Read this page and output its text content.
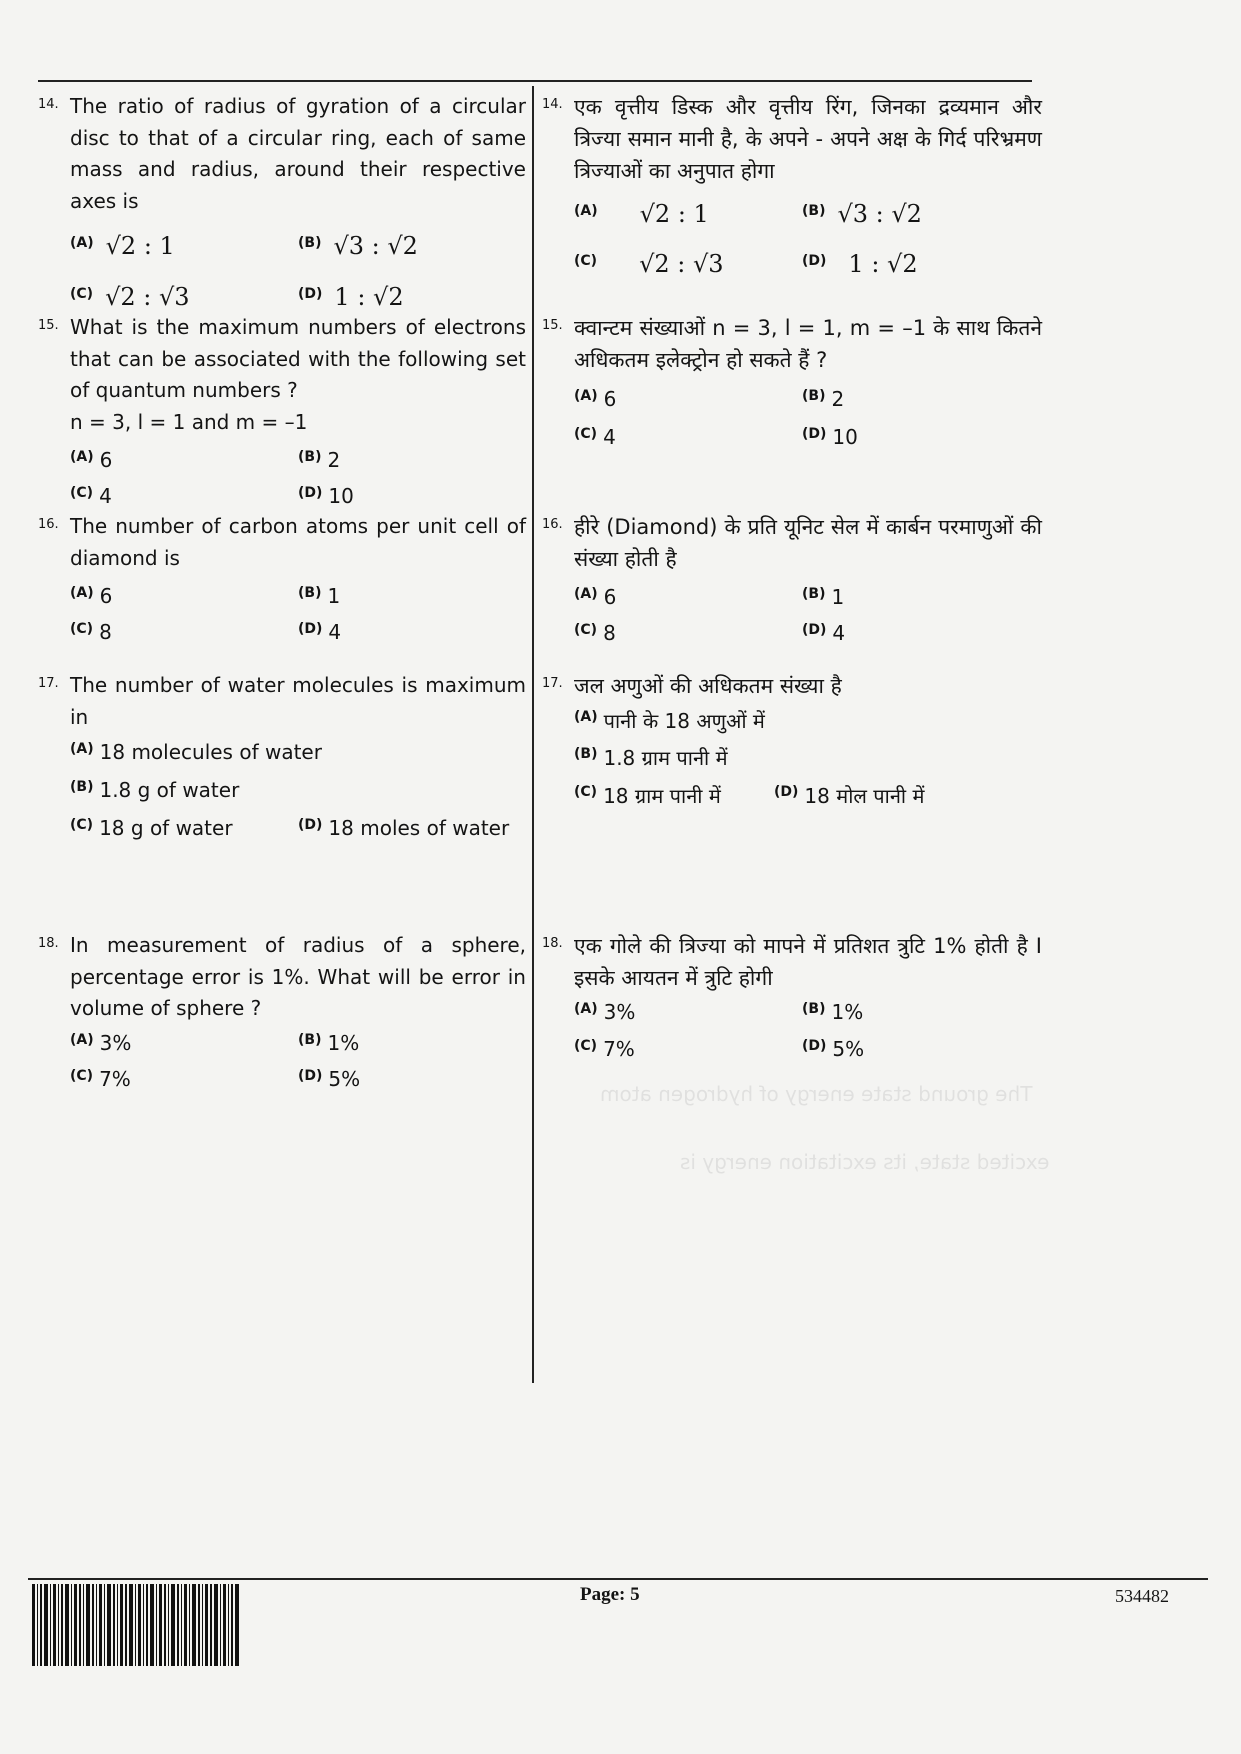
The ground state energy of hydrogen atom
excited state, its excitation energy is
14. The ratio of radius of gyration of a circular disc to that of a circular ring, each of same mass and radius, around their respective axes is
(A) √2 : 1	(B) √3 : √2
(C) √2 : √3	(D) 1 : √2
15. What is the maximum numbers of electrons that can be associated with the following set of quantum numbers ?
n = 3, l = 1 and m = –1
(A) 6	(B) 2
(C) 4	(D) 10
16. The number of carbon atoms per unit cell of diamond is
(A) 6	(B) 1
(C) 8	(D) 4
17. The number of water molecules is maximum in
(A) 18 molecules of water
(B) 1.8 g of water
(C) 18 g of water	(D) 18 moles of water
18. In measurement of radius of a sphere, percentage error is 1%. What will be error in volume of sphere ?
(A) 3%	(B) 1%
(C) 7%	(D) 5%
14. एक वृत्तीय डिस्क और वृत्तीय रिंग, जिनका द्रव्यमान और त्रिज्या समान मानी है, के अपने - अपने अक्ष के गिर्द परिभ्रमण त्रिज्याओं का अनुपात होगा
(A) √2 : 1	(B) √3 : √2
(C) √2 : √3	(D) 1 : √2
15. क्वान्टम संख्याओं n = 3, l = 1, m = –1 के साथ कितने अधिकतम इलेक्ट्रोन हो सकते हैं ?
(A) 6	(B) 2
(C) 4	(D) 10
16. हीरे (Diamond) के प्रति यूनिट सेल में कार्बन परमाणुओं की संख्या होती है
(A) 6	(B) 1
(C) 8	(D) 4
17. जल अणुओं की अधिकतम संख्या है
(A) पानी के 18 अणुओं में
(B) 1.8 ग्राम पानी में
(C) 18 ग्राम पानी में	(D) 18 मोल पानी में
18. एक गोले की त्रिज्या को मापने में प्रतिशत त्रुटि 1% होती है I इसके आयतन में त्रुटि होगी
(A) 3%	(B) 1%
(C) 7%	(D) 5%
Page: 5	534482
